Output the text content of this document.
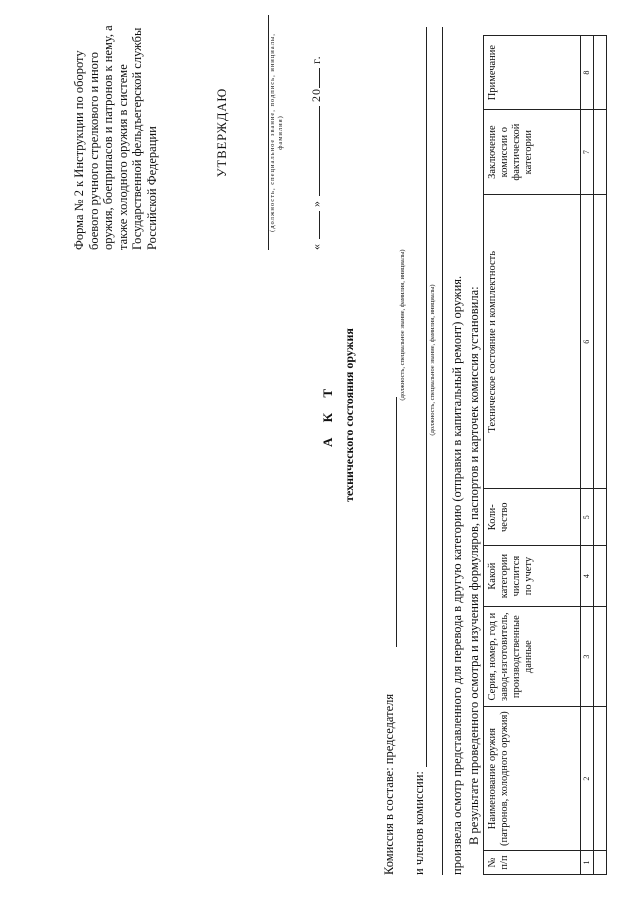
Форма № 2 к Инструкции по обороту боевого ручного стрелкового и иного оружия, боеприпасов и патронов к нему, а также холодного оружия в системе Государственной фельдъегерской службы Российской Федерации	УТВЕРЖДАЮ	(должность, специальное звание, подпись, инициалы, фамилия)
«  »  20 г.
А К Т технического состояния оружия
Комиссия в составе: председателя
(должность, специальное звание, фамилия, инициалы)
и членов комиссии:
(должность, специальное звание, фамилия, инициалы) произвела осмотр представленного для перевода в другую категорию (отправки в капитальный ремонт) оружия. В результате проведенного осмотра и изучения формуляров, паспортов и карточек комиссия установила:
№ п/п	Наименование оружия (патронов, холодного оружия)	Серия, номер, год и завод-изготовитель, производственные данные	Какой категории числится по учету	Коли-чество	Техническое состояние и комплектность	Заключение комиссии о фактической категории	Примечание
1	2	3	4	5	6	7	8
